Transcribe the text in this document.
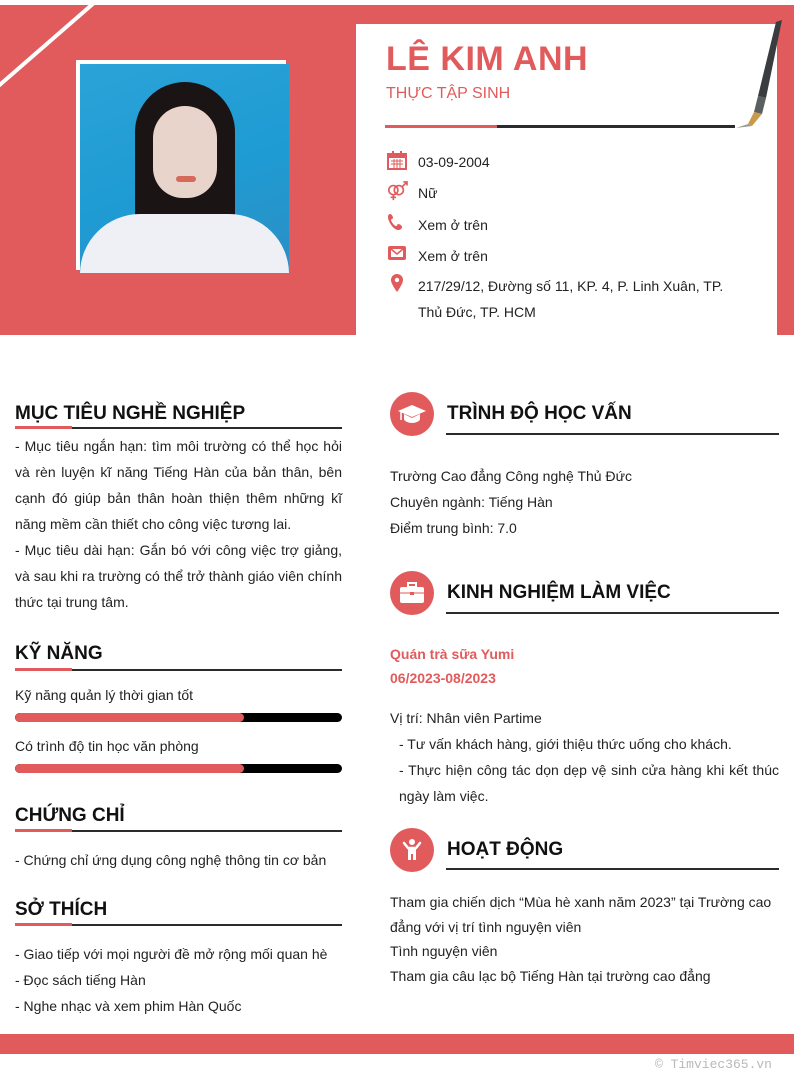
LÊ KIM ANH
THỰC TẬP SINH
03-09-2004
Nữ
Xem ở trên
Xem ở trên
217/29/12, Đường số 11, KP. 4, P. Linh Xuân, TP.
Thủ Đức, TP. HCM
MỤC TIÊU NGHỀ NGHIỆP
- Mục tiêu ngắn hạn: tìm môi trường có thể học hỏi và rèn luyện kĩ năng Tiếng Hàn của bản thân, bên cạnh đó giúp bản thân hoàn thiện thêm những kĩ năng mềm cần thiết cho công việc tương lai.
- Mục tiêu dài hạn: Gắn bó với công việc trợ giảng, và sau khi ra trường có thể trở thành giáo viên chính thức tại trung tâm.
KỸ NĂNG
Kỹ năng quản lý thời gian tốt
Có trình độ tin học văn phòng
CHỨNG CHỈ
- Chứng chỉ ứng dụng công nghệ thông tin cơ bản
SỞ THÍCH
- Giao tiếp với mọi người đề mở rộng mối quan hè
- Đọc sách tiếng Hàn
- Nghe nhạc và xem phim Hàn Quốc
TRÌNH ĐỘ HỌC VẤN
Trường Cao đẳng Công nghệ Thủ Đức
Chuyên ngành: Tiếng Hàn
Điểm trung bình: 7.0
KINH NGHIỆM LÀM VIỆC
Quán trà sữa Yumi
06/2023-08/2023
Vị trí: Nhân viên Partime
- Tư vấn khách hàng, giới thiệu thức uống cho khách.
- Thực hiện công tác dọn dẹp vệ sinh cửa hàng khi kết thúc ngày làm việc.
HOẠT ĐỘNG
Tham gia chiến dịch “Mùa hè xanh năm 2023” tại Trường cao đẳng với vị trí tình nguyện viên
Tình nguyện viên
Tham gia câu lạc bộ Tiếng Hàn tại trường cao đẳng
© Timviec365.vn
